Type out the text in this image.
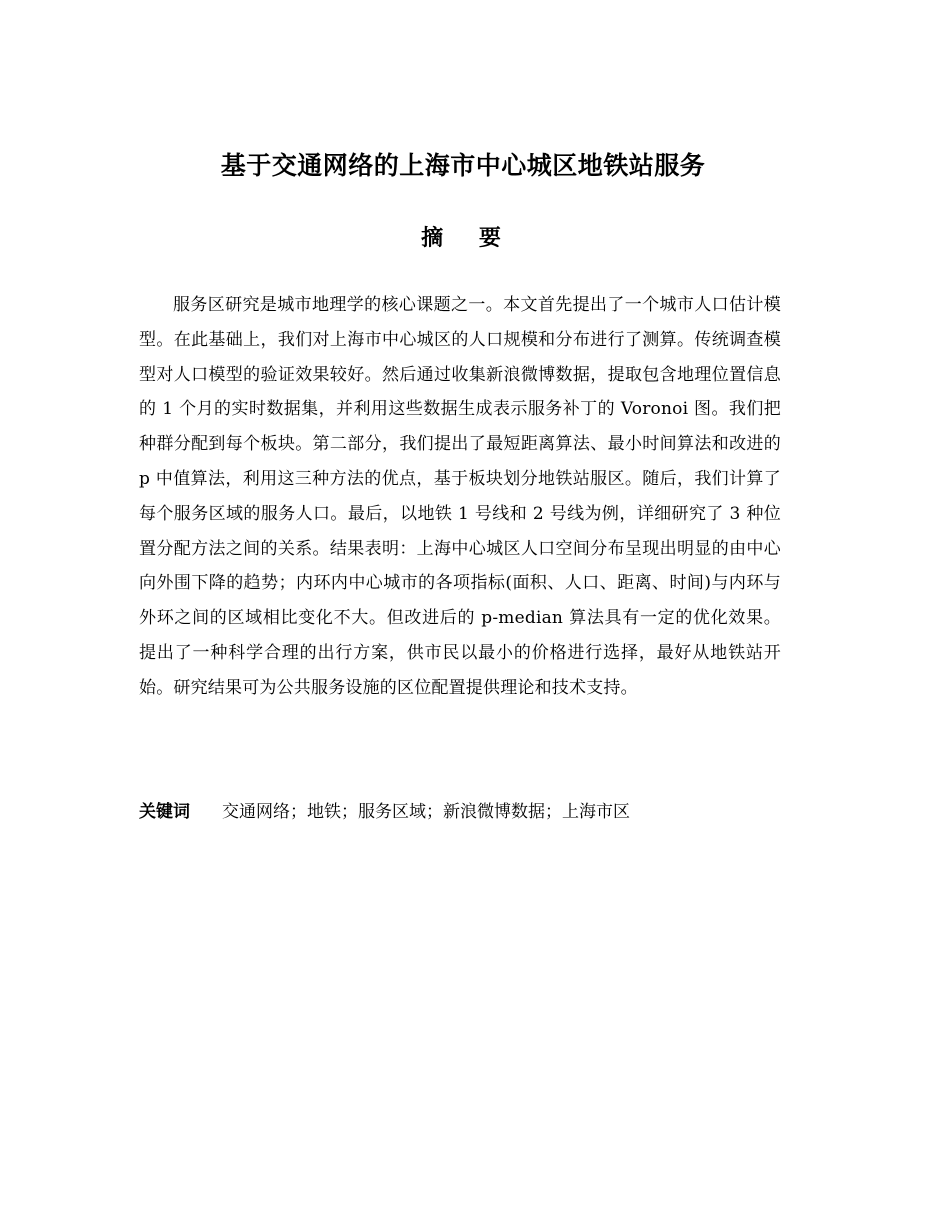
基于交通网络的上海市中心城区地铁站服务
摘 要

服务区研究是城市地理学的核心课题之一。本文首先提出了一个城市人口估计模型。在此基础上，我们对上海市中心城区的人口规模和分布进行了测算。传统调查模型对人口模型的验证效果较好。然后通过收集新浪微博数据，提取包含地理位置信息的 1 个月的实时数据集，并利用这些数据生成表示服务补丁的 Voronoi 图。我们把种群分配到每个板块。第二部分，我们提出了最短距离算法、最小时间算法和改进的 p 中值算法，利用这三种方法的优点，基于板块划分地铁站服区。随后，我们计算了每个服务区域的服务人口。最后，以地铁 1 号线和 2 号线为例，详细研究了 3 种位置分配方法之间的关系。结果表明：上海中心城区人口空间分布呈现出明显的由中心向外围下降的趋势；内环内中心城市的各项指标(面积、人口、距离、时间)与内环与外环之间的区域相比变化不大。但改进后的 p-median 算法具有一定的优化效果。提出了一种科学合理的出行方案，供市民以最小的价格进行选择，最好从地铁站开始。研究结果可为公共服务设施的区位配置提供理论和技术支持。

关键词 交通网络；地铁；服务区域；新浪微博数据；上海市区
